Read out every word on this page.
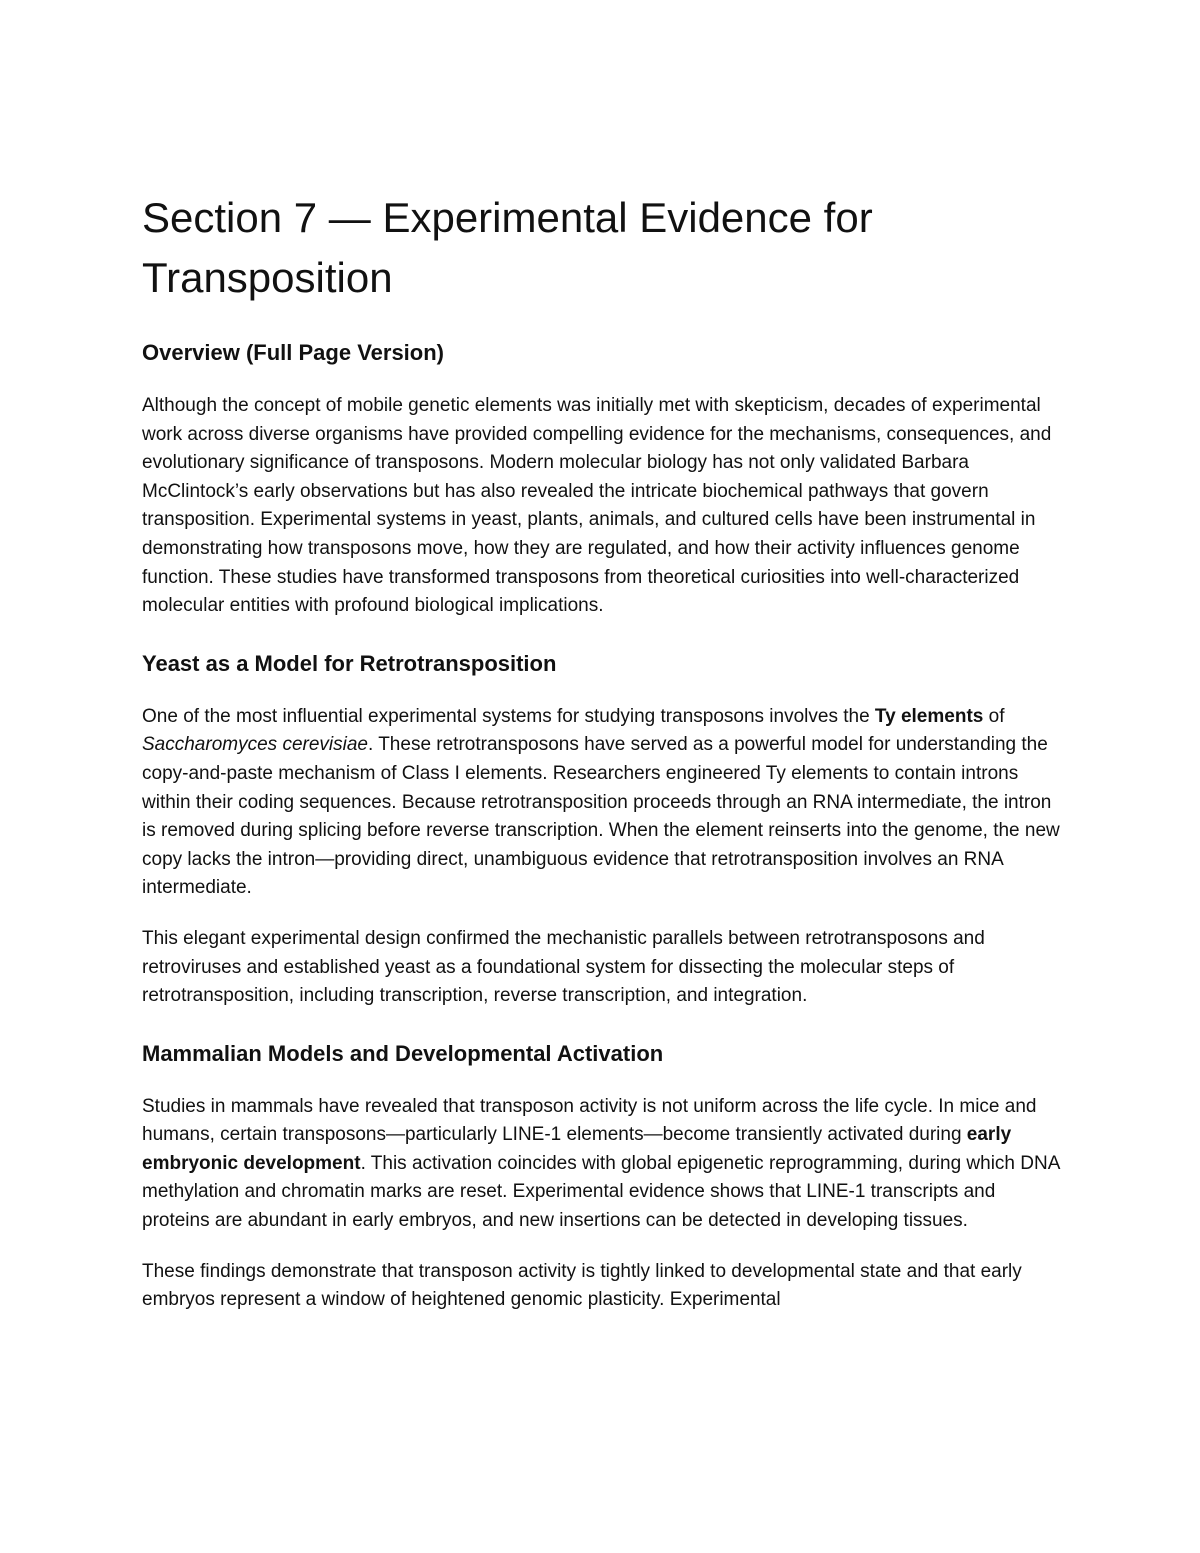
Section 7 — Experimental Evidence for Transposition
Overview (Full Page Version)

Although the concept of mobile genetic elements was initially met with skepticism, decades of experimental work across diverse organisms have provided compelling evidence for the mechanisms, consequences, and evolutionary significance of transposons. Modern molecular biology has not only validated Barbara McClintock’s early observations but has also revealed the intricate biochemical pathways that govern transposition. Experimental systems in yeast, plants, animals, and cultured cells have been instrumental in demonstrating how transposons move, how they are regulated, and how their activity influences genome function. These studies have transformed transposons from theoretical curiosities into well-characterized molecular entities with profound biological implications.

Yeast as a Model for Retrotransposition

One of the most influential experimental systems for studying transposons involves the Ty elements of Saccharomyces cerevisiae. These retrotransposons have served as a powerful model for understanding the copy-and-paste mechanism of Class I elements. Researchers engineered Ty elements to contain introns within their coding sequences. Because retrotransposition proceeds through an RNA intermediate, the intron is removed during splicing before reverse transcription. When the element reinserts into the genome, the new copy lacks the intron—providing direct, unambiguous evidence that retrotransposition involves an RNA intermediate.

This elegant experimental design confirmed the mechanistic parallels between retrotransposons and retroviruses and established yeast as a foundational system for dissecting the molecular steps of retrotransposition, including transcription, reverse transcription, and integration.

Mammalian Models and Developmental Activation

Studies in mammals have revealed that transposon activity is not uniform across the life cycle. In mice and humans, certain transposons—particularly LINE-1 elements—become transiently activated during early embryonic development. This activation coincides with global epigenetic reprogramming, during which DNA methylation and chromatin marks are reset. Experimental evidence shows that LINE-1 transcripts and proteins are abundant in early embryos, and new insertions can be detected in developing tissues.

These findings demonstrate that transposon activity is tightly linked to developmental state and that early embryos represent a window of heightened genomic plasticity. Experimental
